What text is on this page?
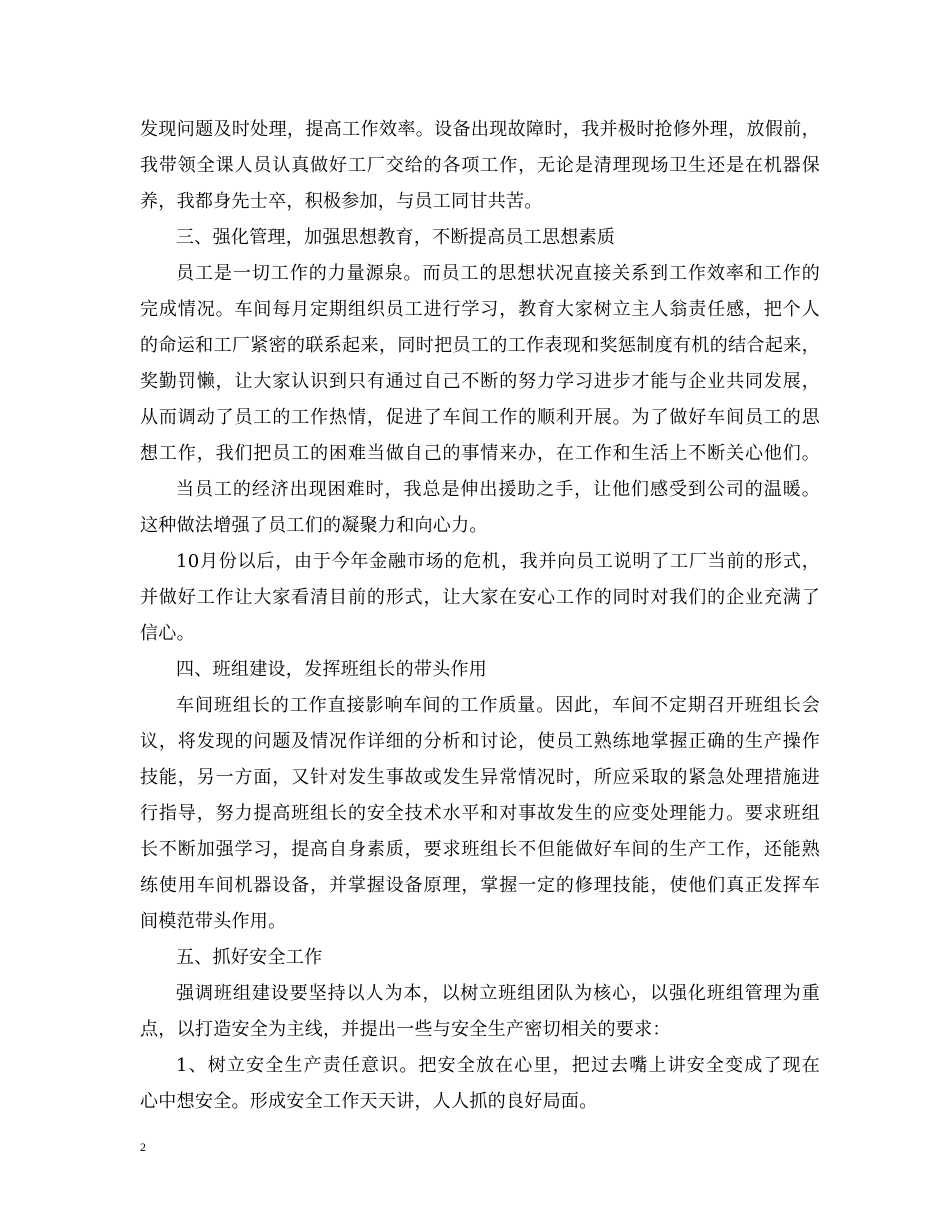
发现问题及时处理，提高工作效率。设备出现故障时，我并极时抢修外理，放假前，
我带领全课人员认真做好工厂交给的各项工作，无论是清理现场卫生还是在机器保
养，我都身先士卒，积极参加，与员工同甘共苦。
三、强化管理，加强思想教育，不断提高员工思想素质
员工是一切工作的力量源泉。而员工的思想状况直接关系到工作效率和工作的
完成情况。车间每月定期组织员工进行学习，教育大家树立主人翁责任感，把个人
的命运和工厂紧密的联系起来，同时把员工的工作表现和奖惩制度有机的结合起来，
奖勤罚懒，让大家认识到只有通过自己不断的努力学习进步才能与企业共同发展，
从而调动了员工的工作热情，促进了车间工作的顺利开展。为了做好车间员工的思
想工作，我们把员工的困难当做自己的事情来办，在工作和生活上不断关心他们。
当员工的经济出现困难时，我总是伸出援助之手，让他们感受到公司的温暖。
这种做法增强了员工们的凝聚力和向心力。
10月份以后，由于今年金融市场的危机，我并向员工说明了工厂当前的形式，
并做好工作让大家看清目前的形式，让大家在安心工作的同时对我们的企业充满了
信心。
四、班组建设，发挥班组长的带头作用
车间班组长的工作直接影响车间的工作质量。因此，车间不定期召开班组长会
议，将发现的问题及情况作详细的分析和讨论，使员工熟练地掌握正确的生产操作
技能，另一方面，又针对发生事故或发生异常情况时，所应采取的紧急处理措施进
行指导，努力提高班组长的安全技术水平和对事故发生的应变处理能力。要求班组
长不断加强学习，提高自身素质，要求班组长不但能做好车间的生产工作，还能熟
练使用车间机器设备，并掌握设备原理，掌握一定的修理技能，使他们真正发挥车
间模范带头作用。
五、抓好安全工作
强调班组建设要坚持以人为本，以树立班组团队为核心，以强化班组管理为重
点，以打造安全为主线，并提出一些与安全生产密切相关的要求：
1、树立安全生产责任意识。把安全放在心里，把过去嘴上讲安全变成了现在
心中想安全。形成安全工作天天讲，人人抓的良好局面。
2
